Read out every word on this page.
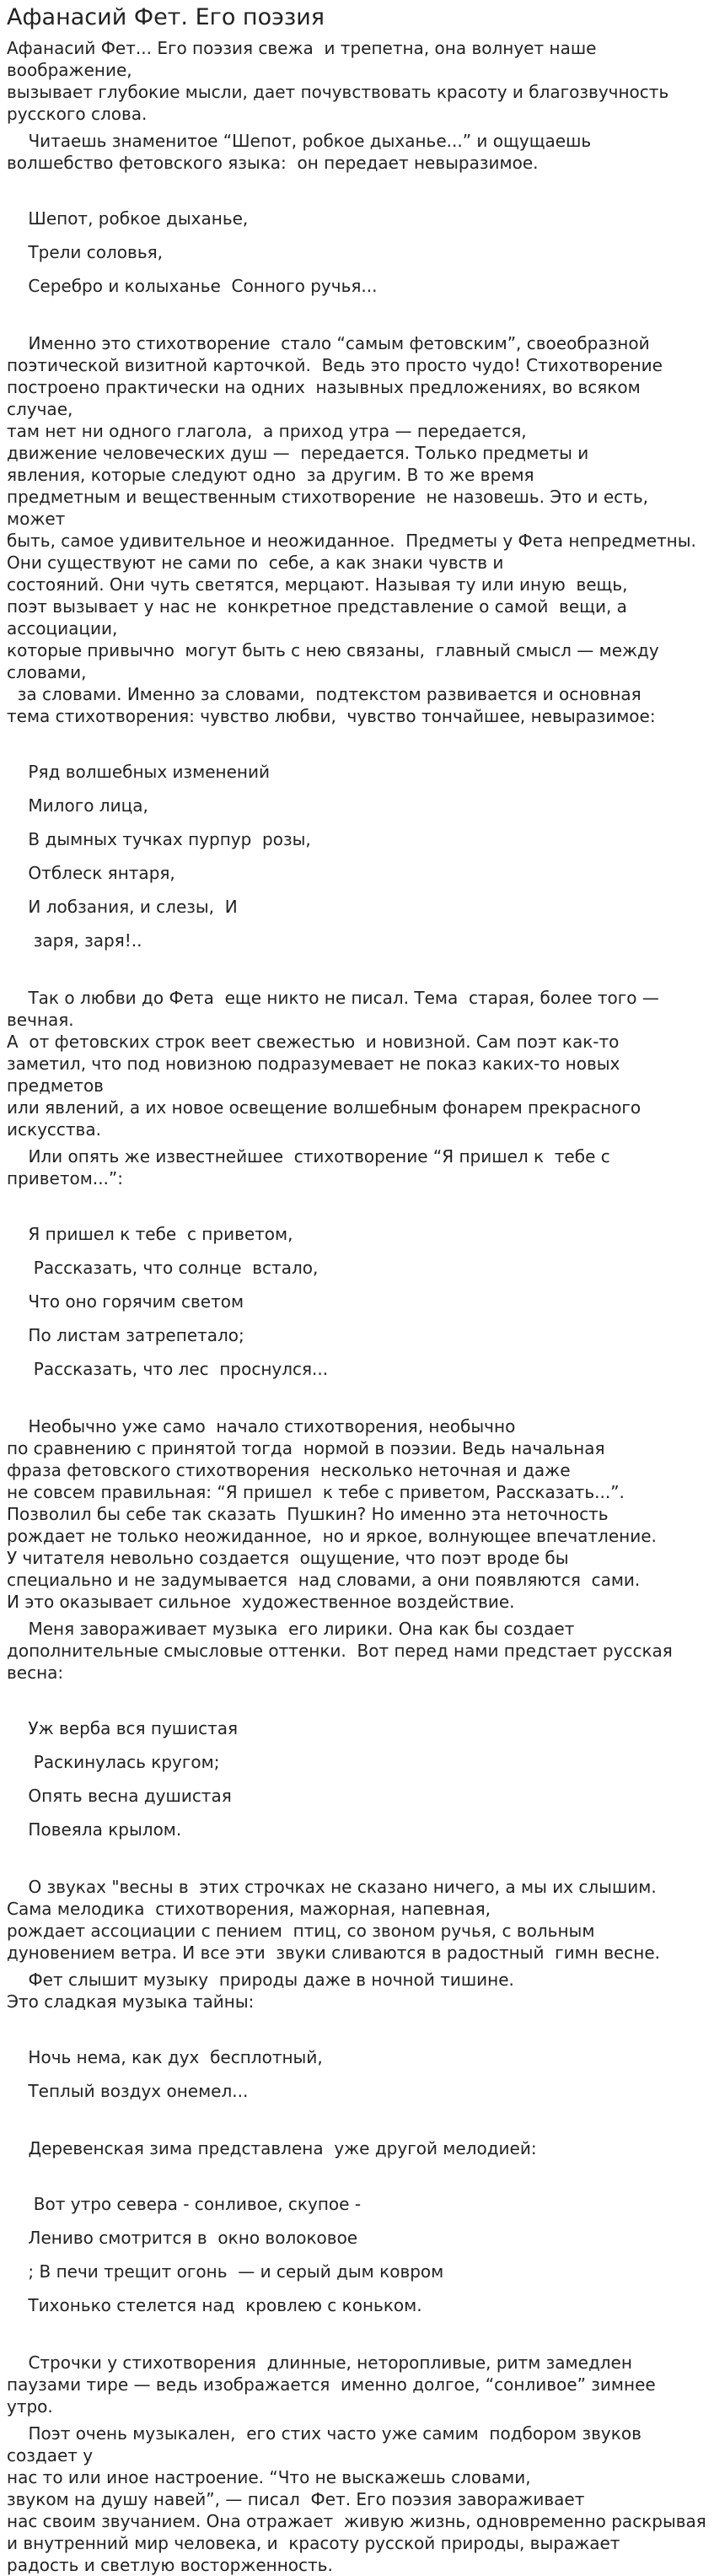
Афанасий Фет. Его поэзия

Афанасий Фет... Его поэзия свежа  и трепетна, она волнует наше воображение,
вызывает глубокие мысли, дает почувствовать красоту и благозвучность
русского слова.

Читаешь знаменитое “Шепот, робкое дыханье...” и ощущаешь
волшебство фетовского языка:  он передает невыразимое.

Шепот, робкое дыханье,
Трели соловья,
Серебро и колыханье  Сонного ручья...

Именно это стихотворение  стало “самым фетовским”, своеобразной
поэтической визитной карточкой.  Ведь это просто чудо! Стихотворение
построено практически на одних  назывных предложениях, во всяком  случае,
там нет ни одного глагола,  а приход утра — передается,
движение человеческих душ —  передается. Только предметы и
явления, которые следуют одно  за другим. В то же время
предметным и вещественным стихотворение  не назовешь. Это и есть, может
быть, самое удивительное и неожиданное.  Предметы у Фета непредметны.
Они существуют не сами по  себе, а как знаки чувств и
состояний. Они чуть светятся, мерцают. Называя ту или иную  вещь,
поэт вызывает у нас не  конкретное представление о самой  вещи, а ассоциации,
которые привычно  могут быть с нею связаны,  главный смысл — между словами,
за словами. Именно за словами,  подтекстом развивается и основная
тема стихотворения: чувство любви,  чувство тончайшее, невыразимое:

Ряд волшебных изменений
Милого лица,
В дымных тучках пурпур  розы,
Отблеск янтаря,
И лобзания, и слезы,  И
заря, заря!..

Так о любви до Фета  еще никто не писал. Тема  старая, более того — вечная.
А  от фетовских строк веет свежестью  и новизной. Сам поэт как-то
заметил, что под новизною подразумевает не показ каких-то новых предметов
или явлений, а их новое освещение волшебным фонарем прекрасного искусства.

Или опять же известнейшее  стихотворение “Я пришел к  тебе с приветом...”:

Я пришел к тебе  с приветом,
Рассказать, что солнце  встало,
Что оно горячим светом
По листам затрепетало;
Рассказать, что лес  проснулся...

Необычно уже само  начало стихотворения, необычно
по сравнению с принятой тогда  нормой в поэзии. Ведь начальная
фраза фетовского стихотворения  несколько неточная и даже
не совсем правильная: “Я пришел  к тебе с приветом, Рассказать...”.
Позволил бы себе так сказать  Пушкин? Но именно эта неточность
рождает не только неожиданное,  но и яркое, волнующее впечатление.
У читателя невольно создается  ощущение, что поэт вроде бы
специально и не задумывается  над словами, а они появляются  сами.
И это оказывает сильное  художественное воздействие.

Меня завораживает музыка  его лирики. Она как бы создает
дополнительные смысловые оттенки.  Вот перед нами предстает русская  весна:

Уж верба вся пушистая
Раскинулась кругом;
Опять весна душистая
Повеяла крылом.

О звуках "весны в  этих строчках не сказано ничего, а мы их слышим.
Сама мелодика  стихотворения, мажорная, напевная,
рождает ассоциации с пением  птиц, со звоном ручья, с вольным
дуновением ветра. И все эти  звуки сливаются в радостный  гимн весне.

Фет слышит музыку  природы даже в ночной тишине.
Это сладкая музыка тайны:

Ночь нема, как дух  бесплотный,
Теплый воздух онемел...

Деревенская зима представлена  уже другой мелодией:

Вот утро севера - сонливое, скупое -
Лениво смотрится в  окно волоковое
; В печи трещит огонь  — и серый дым ковром
Тихонько стелется над  кровлею с коньком.

Строчки у стихотворения  длинные, неторопливые, ритм замедлен
паузами тире — ведь изображается  именно долгое, “сонливое” зимнее  утро.

Поэт очень музыкален,  его стих часто уже самим  подбором звуков создает у
нас то или иное настроение. “Что не выскажешь словами,
звуком на душу навей”, — писал  Фет. Его поэзия завораживает
нас своим звучанием. Она отражает  живую жизнь, одновременно раскрывая
и внутренний мир человека, и  красоту русской природы, выражает
радость и светлую восторженность.
